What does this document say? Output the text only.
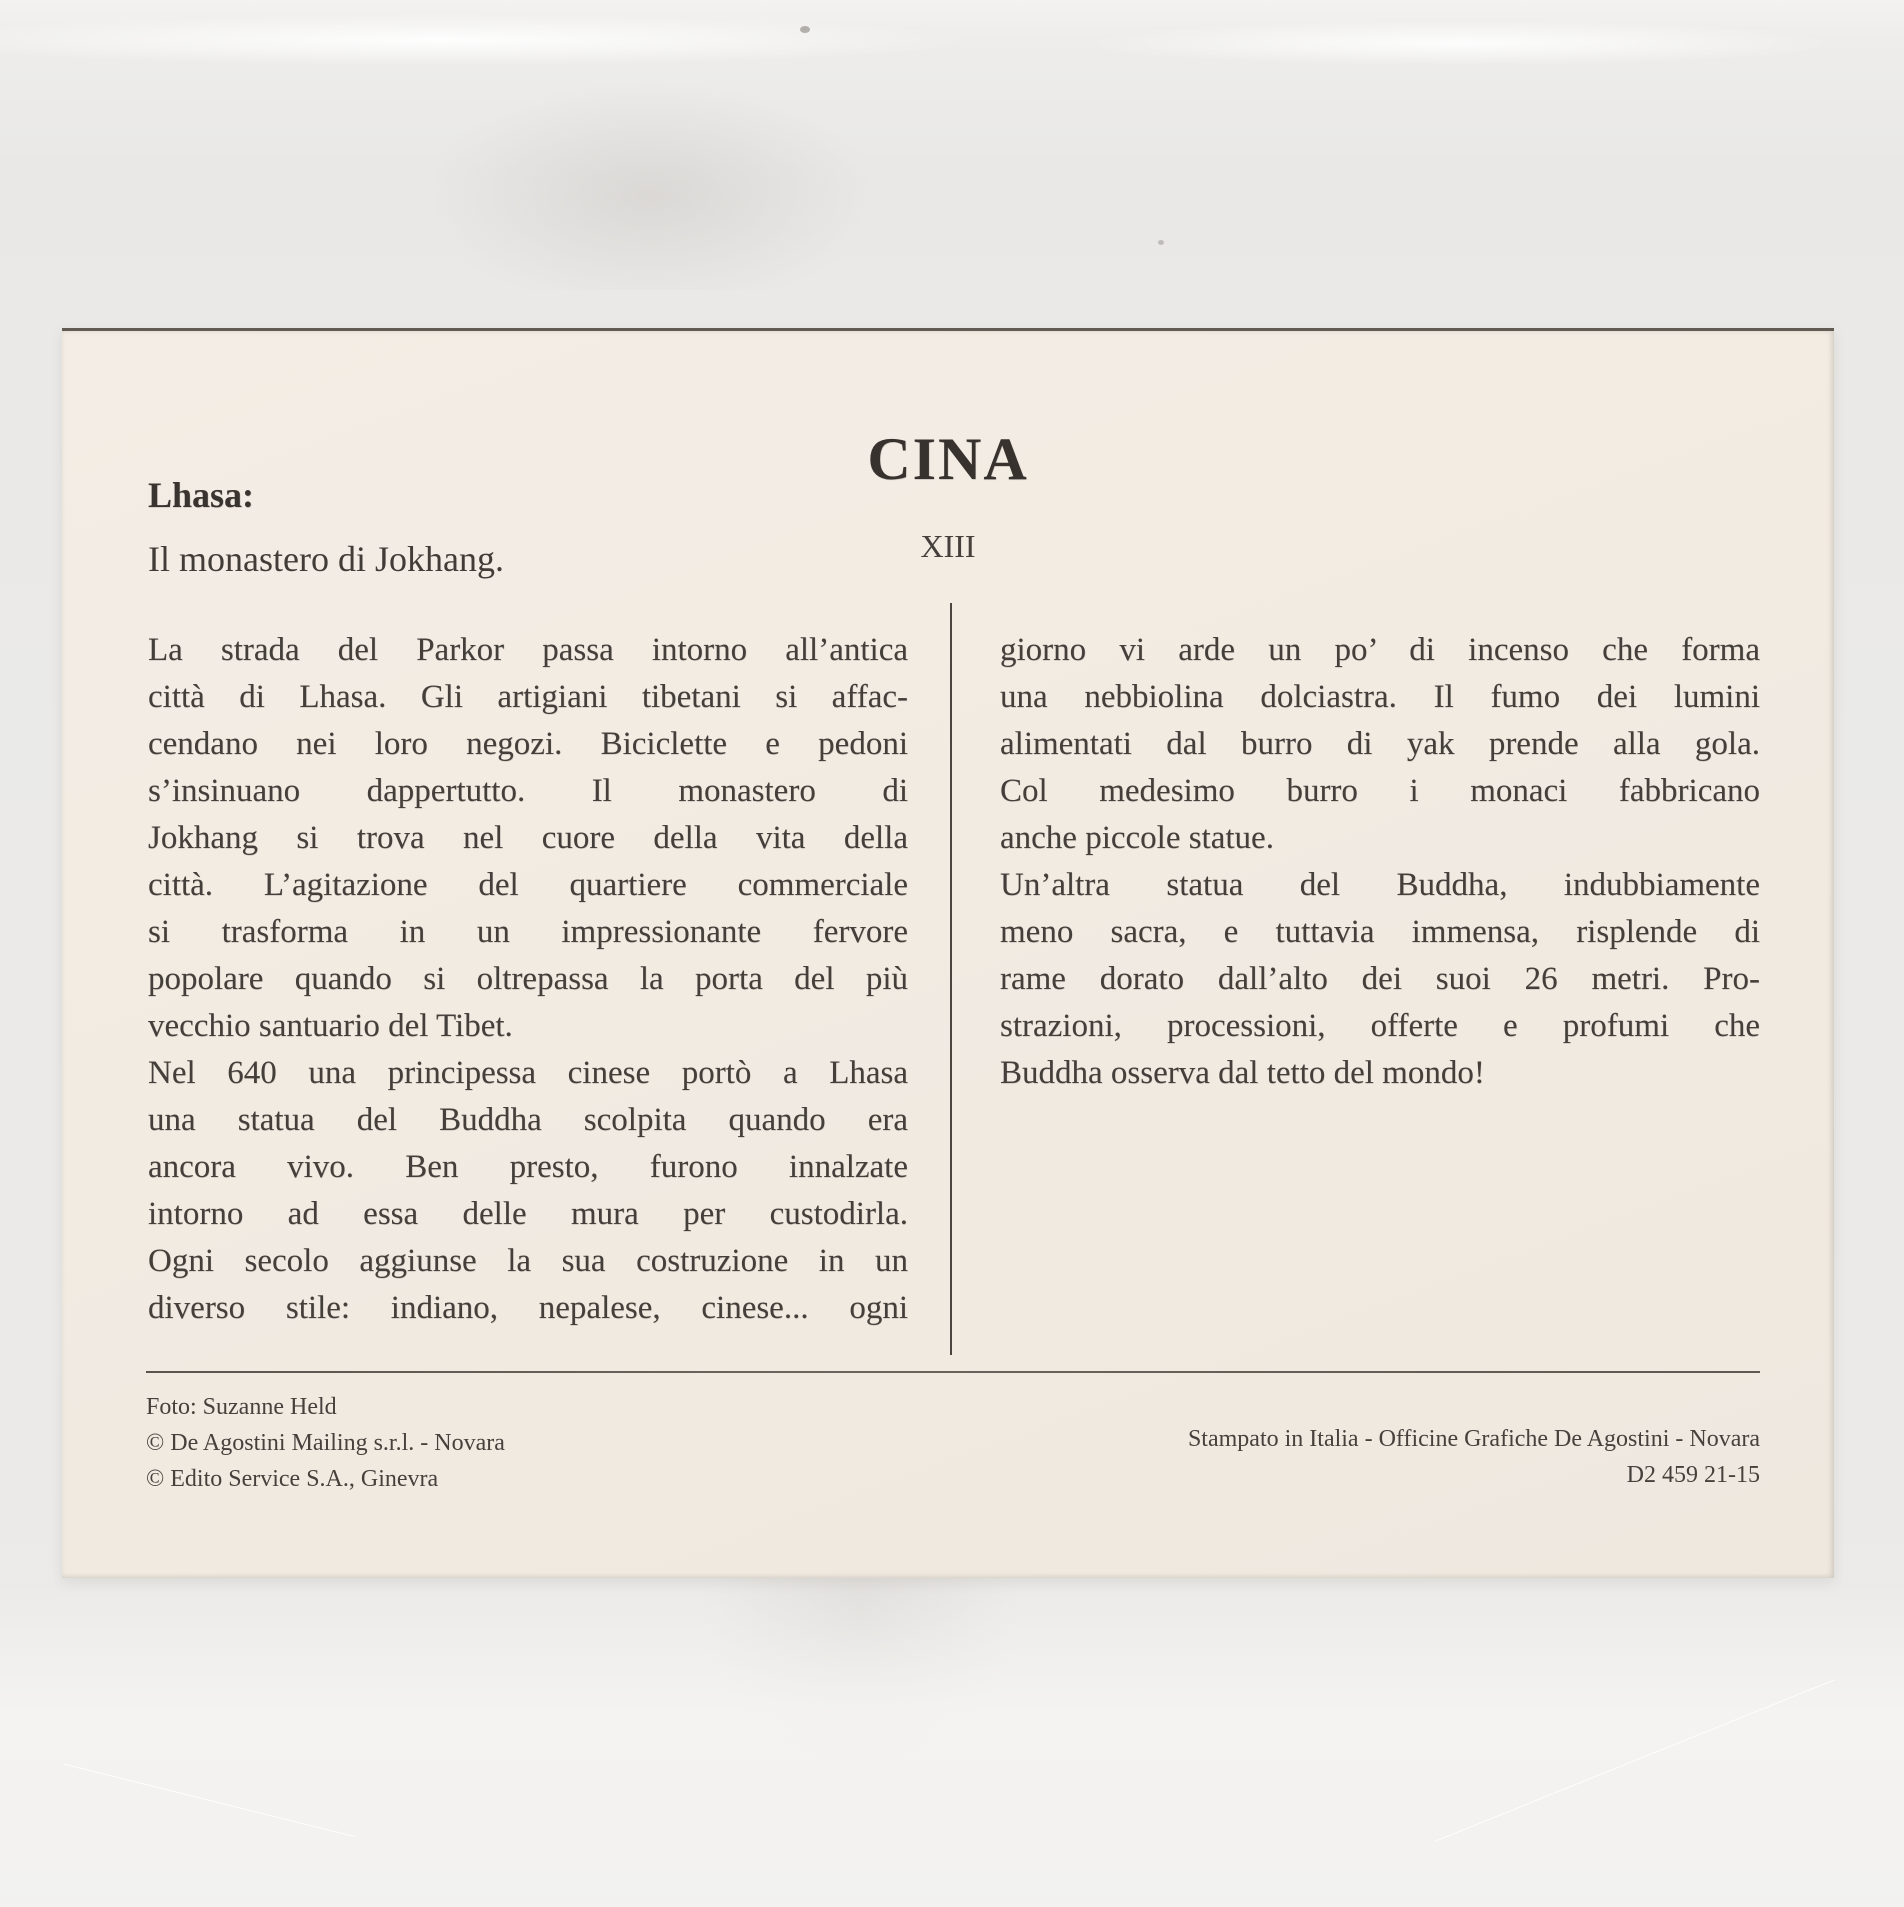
CINA
XIII
Lhasa:
Il monastero di Jokhang.
La strada del Parkor passa intorno all’antica
città di Lhasa. Gli artigiani tibetani si affac-
cendano nei loro negozi. Biciclette e pedoni
s’insinuano dappertutto. Il monastero di
Jokhang si trova nel cuore della vita della
città. L’agitazione del quartiere commerciale
si trasforma in un impressionante fervore
popolare quando si oltrepassa la porta del più
vecchio santuario del Tibet.
Nel 640 una principessa cinese portò a Lhasa
una statua del Buddha scolpita quando era
ancora vivo. Ben presto, furono innalzate
intorno ad essa delle mura per custodirla.
Ogni secolo aggiunse la sua costruzione in un
diverso stile: indiano, nepalese, cinese... ogni
giorno vi arde un po’ di incenso che forma
una nebbiolina dolciastra. Il fumo dei lumini
alimentati dal burro di yak prende alla gola.
Col medesimo burro i monaci fabbricano
anche piccole statue.
Un’altra statua del Buddha, indubbiamente
meno sacra, e tuttavia immensa, risplende di
rame dorato dall’alto dei suoi 26 metri. Pro-
strazioni, processioni, offerte e profumi che
Buddha osserva dal tetto del mondo!
Foto: Suzanne Held
© De Agostini Mailing s.r.l. - Novara
© Edito Service S.A., Ginevra
Stampato in Italia - Officine Grafiche De Agostini - Novara
D2 459 21-15
